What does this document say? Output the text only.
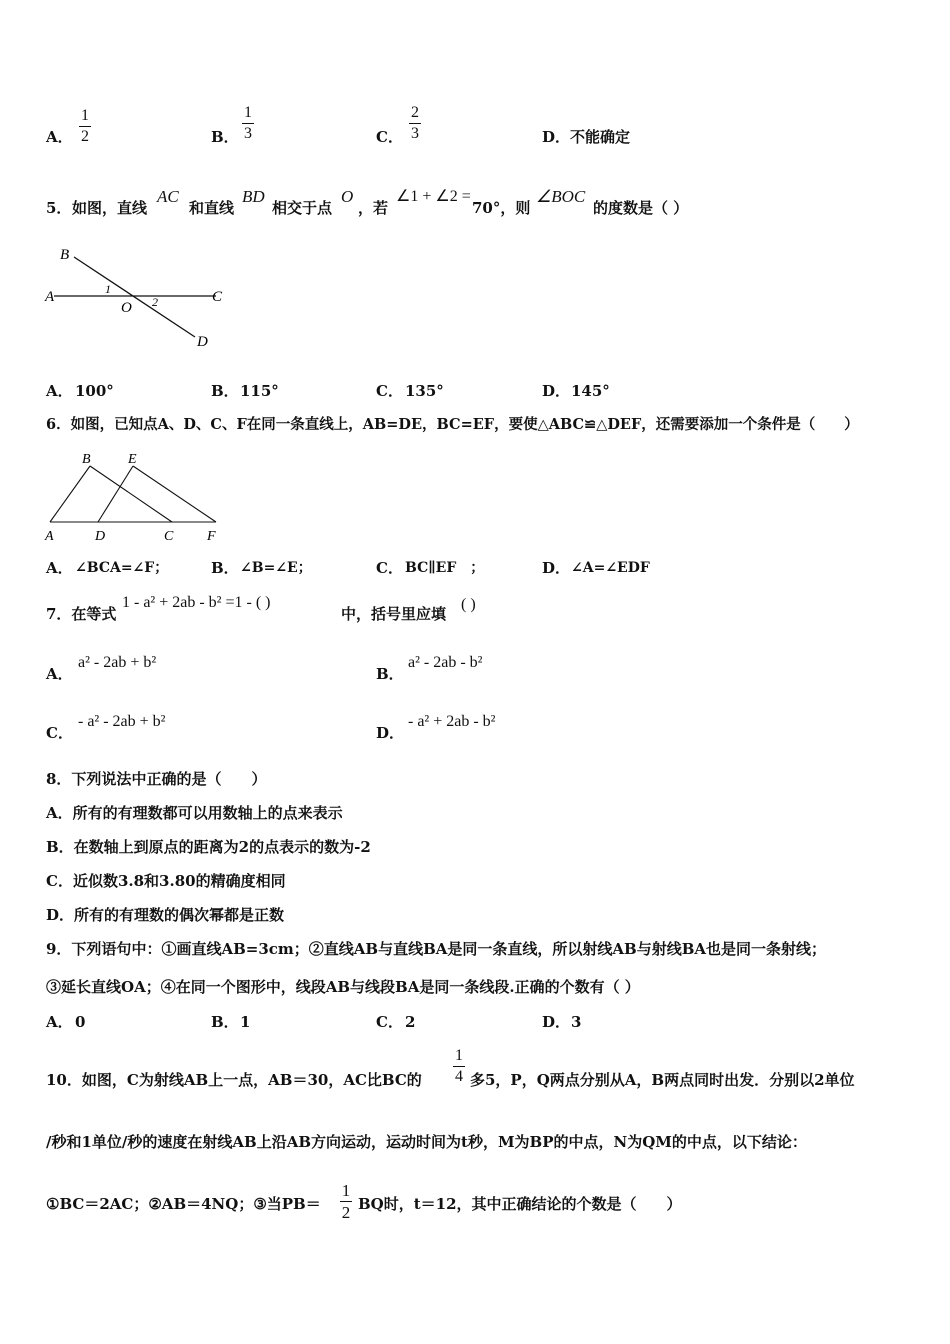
A．
1
2	B．
1
3	C．
2
3	D． 不能确定
5． 如图，直线
AC
和直线
BD
相交于点
O
，若
∠1 + ∠2 =
70°，则
∠BOC
的度数是（ ）
B
A	C
D
O
1
2
A． 100°	B． 115°	C． 135°	D． 145°
6．如图，已知点A、D、C、F在同一条直线上，AB=DE，BC=EF，要使△ABC≌△DEF，还需要添加一个条件是（　　）
B	E
A	D	C F
A． ∠BCA=∠F；	B． ∠B=∠E；	C． BC∥EF　；	D． ∠A=∠EDF
7．在等式
1 - a² + 2ab - b² =1 - ( )
中，括号里应填
( )
A．
a² - 2ab + b²
B．
a² - 2ab - b²
C．
- a² - 2ab + b²
D．
- a² + 2ab - b²
8．下列说法中正确的是（　　）
A．所有的有理数都可以用数轴上的点来表示
B．在数轴上到原点的距离为2的点表示的数为-2
C．近似数3.8和3.80的精确度相同
D．所有的有理数的偶次幂都是正数
9．下列语句中：①画直线AB=3cm；②直线AB与直线BA是同一条直线，所以射线AB与射线BA也是同一条射线；
③延长直线OA；④在同一个图形中，线段AB与线段BA是同一条线段.正确的个数有（ ）
A． 0	B． 1	C． 2	D． 3
10．如图，C为射线AB上一点，AB＝30，AC比BC的
1
4 多5，P，Q两点分别从A，B两点同时出发．分别以2单位
/秒和1单位/秒的速度在射线AB上沿AB方向运动，运动时间为t秒，M为BP的中点，N为QM的中点，以下结论：
①BC＝2AC；②AB＝4NQ；③当PB＝
1
2 BQ时，t＝12，其中正确结论的个数是（　　）
